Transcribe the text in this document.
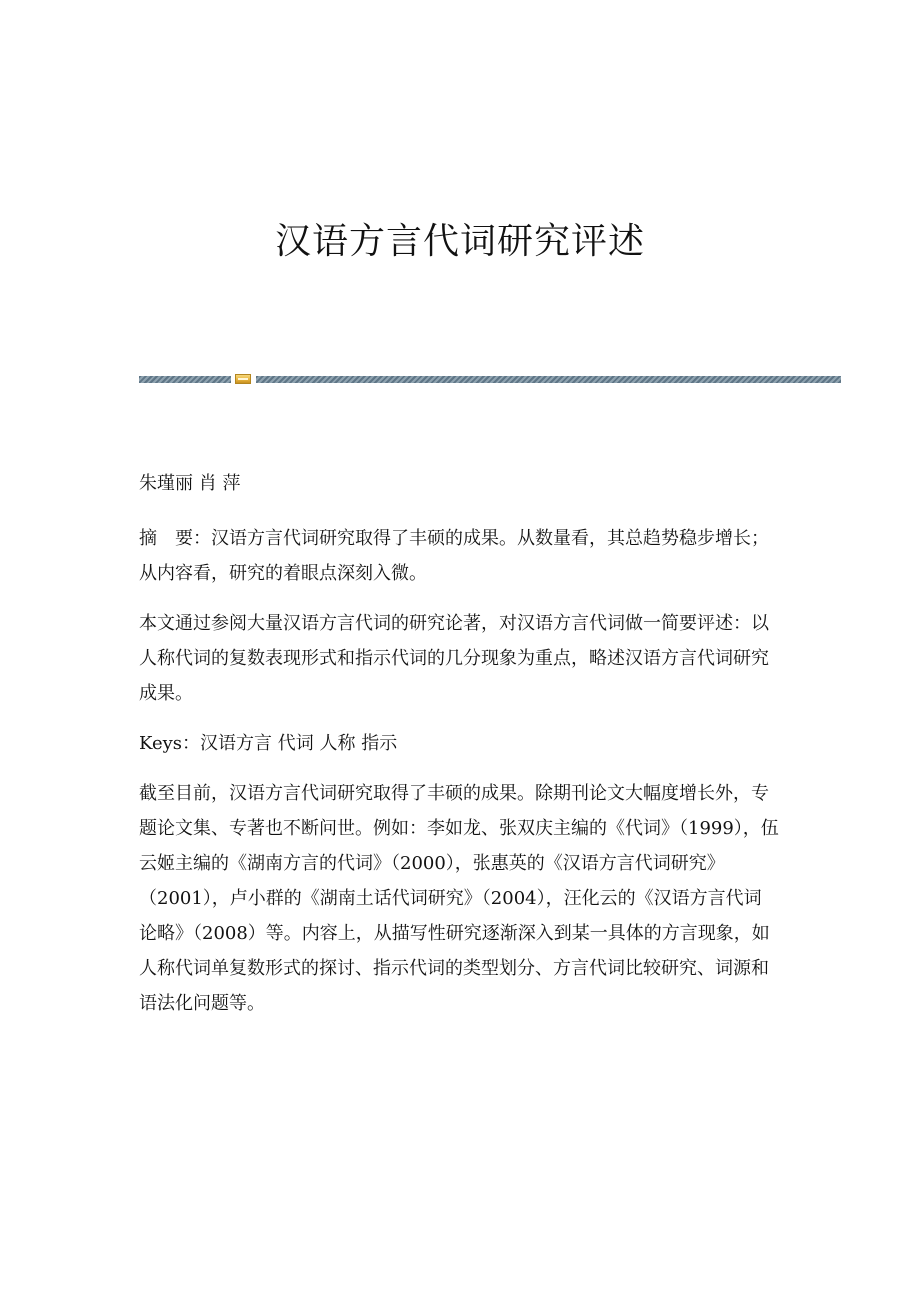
汉语方言代词研究评述

朱瑾丽 肖 萍

摘 要：汉语方言代词研究取得了丰硕的成果。从数量看，其总趋势稳步增长；从内容看，研究的着眼点深刻入微。

本文通过参阅大量汉语方言代词的研究论著，对汉语方言代词做一简要评述：以人称代词的复数表现形式和指示代词的几分现象为重点，略述汉语方言代词研究成果。

Keys：汉语方言 代词 人称 指示

截至目前，汉语方言代词研究取得了丰硕的成果。除期刊论文大幅度增长外，专题论文集、专著也不断问世。例如：李如龙、张双庆主编的《代词》（1999），伍云姬主编的《湖南方言的代词》（2000），张惠英的《汉语方言代词研究》（2001），卢小群的《湖南土话代词研究》（2004），汪化云的《汉语方言代词论略》（2008）等。内容上，从描写性研究逐渐深入到某一具体的方言现象，如人称代词单复数形式的探讨、指示代词的类型划分、方言代词比较研究、词源和语法化问题等。
